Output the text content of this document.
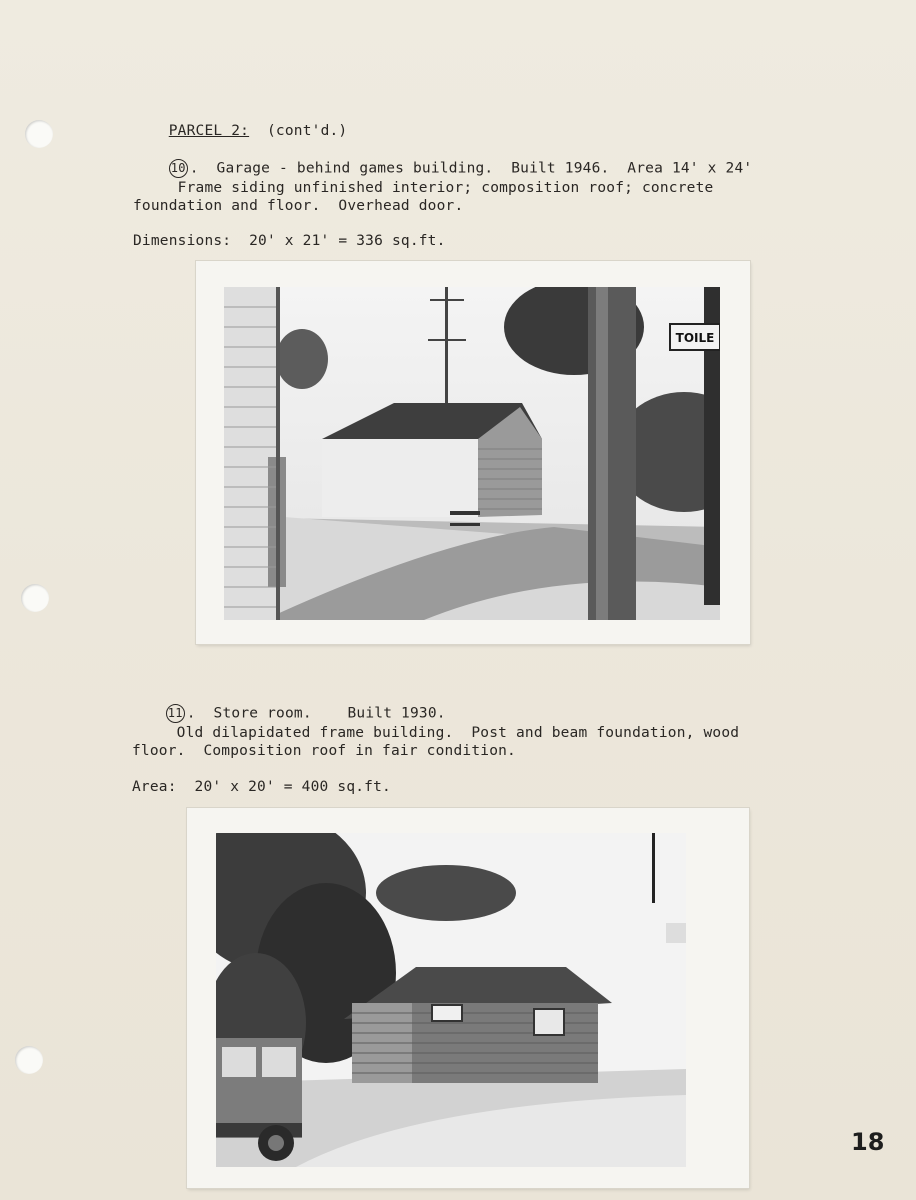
PARCEL 2: (cont'd.)

10 .  Garage - behind games building.  Built 1946.  Area 14' x 24'

Frame siding unfinished interior; composition roof; concrete
foundation and floor.  Overhead door.
Dimensions:  20' x 21' = 336 sq.ft.
TOILE

11 .  Store room.    Built 1930.

Old dilapidated frame building.  Post and beam foundation, wood
floor.  Composition roof in fair condition.
Area:  20' x 20' = 400 sq.ft.
18
